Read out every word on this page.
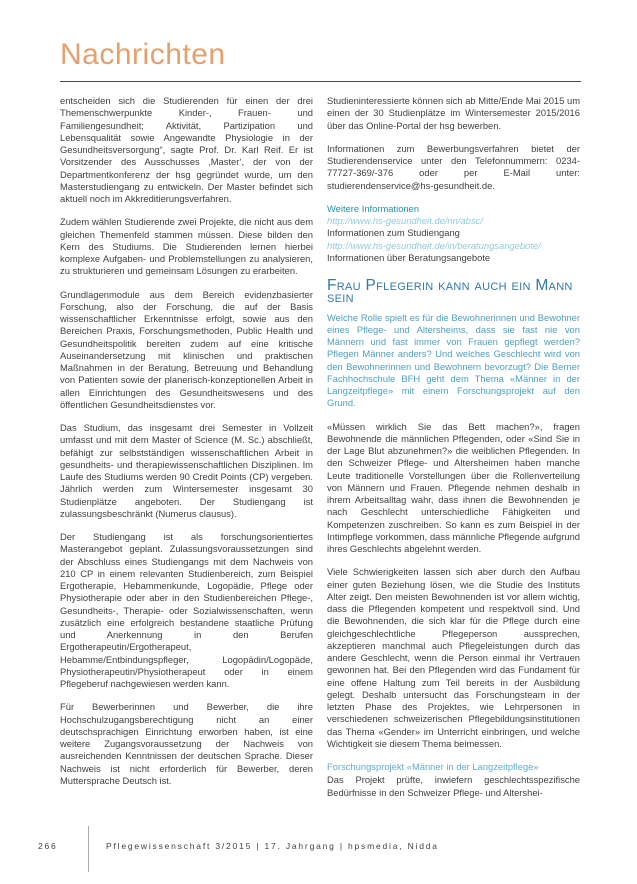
Nachrichten

entscheiden sich die Studierenden für einen der drei Themenschwerpunkte Kinder-, Frauen- und Familiengesundheit; Aktivität, Partizipation und Lebensqualität sowie Angewandte Physiologie in der Gesundheitsversorgung“, sagte Prof. Dr. Karl Reif. Er ist Vorsitzender des Ausschusses ‚Master‘, der von der Departmentkonferenz der hsg gegründet wurde, um den Masterstudiengang zu entwickeln. Der Master befindet sich aktuell noch im Akkreditierungsverfahren.

Zudem wählen Studierende zwei Projekte, die nicht aus dem gleichen Themenfeld stammen müssen. Diese bilden den Kern des Studiums. Die Studierenden lernen hierbei komplexe Aufgaben- und Problemstellungen zu analysieren, zu strukturieren und gemeinsam Lösungen zu erarbeiten.

Grundlagenmodule aus dem Bereich evidenzbasierter Forschung, also der Forschung, die auf der Basis wissenschaftlicher Erkenntnisse erfolgt, sowie aus den Bereichen Praxis, Forschungsmethoden, Public Health und Gesundheitspolitik bereiten zudem auf eine kritische Auseinandersetzung mit klinischen und praktischen Maßnahmen in der Beratung, Betreuung und Behandlung von Patienten sowie der planerisch-konzeptionellen Arbeit in allen Einrichtungen des Gesundheitswesens und des öffentlichen Gesundheitsdienstes vor.

Das Studium, das insgesamt drei Semester in Vollzeit umfasst und mit dem Master of Science (M. Sc.) abschließt, befähigt zur selbstständigen wissenschaftlichen Arbeit in gesundheits- und therapiewissenschaftlichen Disziplinen. Im Laufe des Studiums werden 90 Credit Points (CP) vergeben. Jährlich werden zum Wintersemester insgesamt 30 Studienplätze angeboten. Der Studiengang ist zulassungsbeschränkt (Numerus clausus).

Der Studiengang ist als forschungsorientiertes Masterangebot geplant. Zulassungsvoraussetzungen sind der Abschluss eines Studiengangs mit dem Nachweis von 210 CP in einem relevanten Studienbereich, zum Beispiel Ergotherapie, Hebammenkunde, Logopädie, Pflege oder Physiotherapie oder aber in den Studienbereichen Pflege-, Gesundheits-, Therapie- oder Sozialwissenschaften, wenn zusätzlich eine erfolgreich bestandene staatliche Prüfung und Anerkennung in den Berufen Ergotherapeutin/Ergotherapeut, Hebamme/Entbindungspfleger, Logopädin/Logopäde, Physiotherapeutin/Physiotherapeut oder in einem Pflegeberuf nachgewiesen werden kann.

Für Bewerberinnen und Bewerber, die ihre Hochschulzugangsberechtigung nicht an einer deutschsprachigen Einrichtung erworben haben, ist eine weitere Zugangsvoraussetzung der Nachweis von ausreichenden Kenntnissen der deutschen Sprache. Dieser Nachweis ist nicht erforderlich für Bewerber, deren Muttersprache Deutsch ist.

Studieninteressierte können sich ab Mitte/Ende Mai 2015 um einen der 30 Studienplätze im Wintersemester 2015/2016 über das Online-Portal der hsg bewerben.

Informationen zum Bewerbungsverfahren bietet der Studierendenservice unter den Telefonnummern: 0234-77727-369/-376 oder per E-Mail unter: studierendenservice@hs-gesundheit.de.

Weitere Informationen
http://www.hs-gesundheit.de/nn/absc/
Informationen zum Studiengang
http://www.hs-gesundheit.de/in/beratungsangebote/
Informationen über Beratungsangebote
Frau Pflegerin kann auch ein Mann sein

Welche Rolle spielt es für die Bewohnerinnen und Bewohner eines Pflege- und Altersheims, dass sie fast nie von Männern und fast immer von Frauen gepflegt werden? Pflegen Männer anders? Und welches Geschlecht wird von den Bewohnerinnen und Bewohnern bevorzugt? Die Berner Fachhochschule BFH geht dem Thema «Männer in der Langzeitpflege» mit einem Forschungsprojekt auf den Grund.

«Müssen wirklich Sie das Bett machen?», fragen Bewohnende die männlichen Pflegenden, oder «Sind Sie in der Lage Blut abzunehmen?» die weiblichen Pflegenden. In den Schweizer Pflege- und Altersheimen haben manche Leute traditionelle Vorstellungen über die Rollenverteilung von Männern und Frauen. Pflegende nehmen deshalb in ihrem Arbeitsalltag wahr, dass ihnen die Bewohnenden je nach Geschlecht unterschiedliche Fähigkeiten und Kompetenzen zuschreiben. So kann es zum Beispiel in der Intimpflege vorkommen, dass männliche Pflegende aufgrund ihres Geschlechts abgelehnt werden.

Viele Schwierigkeiten lassen sich aber durch den Aufbau einer guten Beziehung lösen, wie die Studie des Instituts Alter zeigt. Den meisten Bewohnenden ist vor allem wichtig, dass die Pflegenden kompetent und respektvoll sind. Und die Bewohnenden, die sich klar für die Pflege durch eine gleichgeschlechtliche Pflegeperson aussprechen, akzeptieren manchmal auch Pflegeleistungen durch das andere Geschlecht, wenn die Person einmal ihr Vertrauen gewonnen hat. Bei den Pflegenden wird das Fundament für eine offene Haltung zum Teil bereits in der Ausbildung gelegt. Deshalb untersucht das Forschungsteam in der letzten Phase des Projektes, wie Lehrpersonen in verschiedenen schweizerischen Pflegebildungsinstitutionen das Thema «Gender» im Unterricht einbringen, und welche Wichtigkeit sie diesem Thema beimessen.

Forschungsprojekt «Männer in der Langzeitpflege»

Das Projekt prüfte, inwiefern geschlechtsspezifische Bedürfnisse in den Schweizer Pflege- und Altershei-

266	Pflegewissenschaft 3/2015 | 17. Jahrgang | hpsmedia, Nidda
